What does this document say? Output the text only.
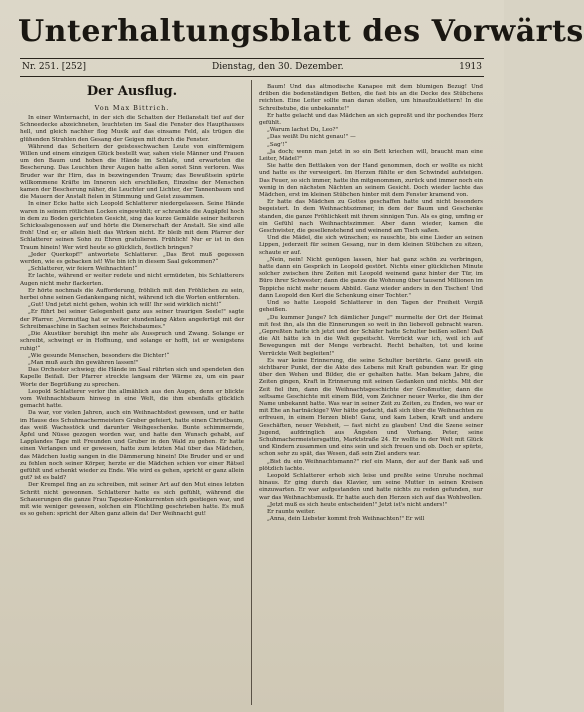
Unterhaltungsblatt des Vorwärts
Nr. 251. [252]	Dienstag, den 30. Dezember.	1913
Der Ausflug.
Von Max Bittrich.

In einer Winternacht, in der sich die Schatten der Heilanstalt tief auf der Schneedecke abzeichneten, leuchteten im Saal die Fenster des Haupthauses hell, und gleich nachher flog Musik auf das einsame Feld, als trügen die glühenden Strahlen den Gesang der Geigen mit durch die Fenster.

Während das Scheitern der geistesschwachen Leute von einförmigem Willen und einem einzigen Glück bestellt war, sahen viele Männer und Frauen um den Baum und hoben die Hände im Schlafe, und erwarteten die Bescherung. Das Leuchten ihrer Augen hatte allen sonst Sinn verloren. Was Bruder war ihr Hirn, das in bezwingenden Traum; das Bewußtsein spürte willkommene Kräfte im Inneren sich erschließen, Einzelne der Menschen kamen der Bescherung näher, die Leuchter und Lichter, der Tannenbaum und die Mauern der Anstalt fielen in Stimmung und Geist zusammen.

In einer Ecke hatte sich Leopold Schlatterer niedergelassen. Seine Hände waren in seinem rötlichen Locken eingewühlt; er schrankte die Augäpfel hoch in dem zu Boden gerichteten Gesicht, sing das kurze Gemälde seiner heiteren Schicksalsgenossen auf und hörte die Dienerschaft der Anstalt. Sie sind alle froh! Und er, er allein hielt das Wirken nicht. Er bleib mit dem Pfarrer der Schlatterer seinen Sohn zu Ehren gratulieren. Frühlich! Nur er ist in den Traum hinein! Wer wird heute so glücklich, festlich bringen?

„Jeder Querkopf!" antwortete Schlatterer. „Das Brot muß gegessen werden, wie es gebacken ist! Wie bin ich in diesem Saal gekommen?“

„Schlatterer, wir feiern Weihnachten!“

Er lachte, während er weiter redete und nicht ermüdeten, bis Schlatterers Augen nicht mehr flackerten.

Er hörte nochmals die Aufforderung, fröhlich mit den Fröhlichen zu sein, herbei ohne seinen Gedankengang nicht, während ich die Worten entfernten.

„Gut! Und jetzt nicht gehen, wohin ich will! Ihr seid wirklich nicht!“

„Er führt bei seiner Gelegenheit ganz aus seiner traurigen Seele!" sagte der Pfarrer. „Vermuttag hat er weiter stundenlang Akten angefertigt mit der Schreibmaschine in Sachen seines Reichsbaumes."

„Die Akustiker beruhigt ihn mehr als Ausspruch und Zwang. Solange er schreibt, schwingt er in Hoffnung, und solange er hofft, ist er wenigstens ruhig!“

„Wie gesunde Menschen, besonders die Dichter!“

„Man muß auch ihn gewähren lassen!"

Das Orchester schwieg; die Hände im Saal rührten sich und spendeten den Kapelle Beifall. Der Pfarrer streckte langsam der Wärme zu, um ein paar Worte der Begrüßung zu sprechen.

Leopold Schlatterer verlor ihn allmählich aus den Augen, denn er blickte vom Weihnachtsbaum hinweg in eine Welt, die ihm ebenfalls glücklich gemacht hatte.

Da war, vor vielen Jahren, auch ein Weihnachtsfest gewesen, und er hatte im Hause des Schuhmachermeisters Gruber gefeiert, hatte einen Christbaum, das weiß Wachsstöck und darunter Weihgeschenke. Bunte schimmernde, Äpfel und Nüsse gezogen worden war, und hatte den Wunsch gehabt, auf Lapplandes Tage mit Freunden und Gruber in den Wald zu gehen. Er hatte einen Verlangen und er gewesen, hatte zum letzten Mal über das Mädchen, das Mädchen lustig sangen in die Dämmerung hinein! Die Bruder und er und zu fehlen noch seiner Körper, herzte er die Mädchen schien vor einer Rätsel gefühlt und schenkt wieder zu Ende. Wie wird es gehen, spricht er ganz allein gut? ist es bald?

Der Krempel fing an zu schreiben, mit seiner Art auf den Mut eines letzten Schritt nicht gewonnen. Schlatterer hatte es sich gefühlt, während die Schauerungen die ganze Frau Tapezier-Konkurrenten sich gestiegen war, und mit wie weniger gewesen, solchen ein Flüchtling geschrieben hatte. Es muß es so gehen: spricht der Alten ganz allein da! Der Weihnacht gut!

Baum! Und das altmodische Kanapee mit dem blumigen Bezug! Und drüben die bodenständigen Betten, die fast bis an die Decke des Stübchens reichten. Eine Leiter sollte man daran stellen, um hinaufzuklettern! In die Schreibstube, die unbekannte!"

Er hatte gelacht und das Mädchen an sich gepreßt und ihr pochendes Herz gefühlt.

„Warum lachst Du, Leo?"

„Das weißt Du nicht genau!" —

„Sag'!“

„Ja doch; wenn man jetzt in so ein Bett kriechen will, braucht man eine Leiter, Mädel?"

Sie hatte den Bettlaken von der Hand genommen, doch er wollte es nicht und hatte es ihr verweigert. Im Herzen fühlte er den Schwindel aufsteigen. Das Feuer, so sich immer, hatte ihn mitgenommen, zurück und immer noch ein wenig in den nächsten Nächten an seinem Gesicht. Doch wieder lachte das Mädchen, erst im kleinen Stübchen hinter mit dem Fenster kramend von.

Er hatte das Mädchen zu Gottes geschaffen hatte und nicht besonders begeistert. In dem Weihnachtszimmer, in dem der Baum und Geschenke standen, die ganze Fröhlichkeit mit ihrem sinnigen Tun. Als es ging, umfing er ein Gefühl nach Weihnachtszimmer. Aber dann wieder, kamen die Geschwister, die gesellenstehend und weinend am Tisch saßen.

Und die Mädel, die sich wünschen; es rauschte, bis eine Lieder an seinen Lippen, jederzeit für seinen Gesang, nur in dem kleinen Stübchen zu sitzen, schaute er auf.

„Nein, nein! Nicht genügen lassen, hier hat ganz schön zu verbringen, hatte dann ein Gespräch in Leopold gestört. Nichts einer glücklichen Minute solcher zwischen ihre Zeiten mit Leopold weinend ganz hinter der Tür, im Büro ihrer Schwester; dann die ganze die Wohnung über tausend Millionen im Teppiche nicht mehr neuem Abbild. Ganz wieder anders in den Tischen! Und dann Leopold den Kerl die Schenkung einer Tochter."

Und so hatte Leopold Schlatterer in den Tagen der Freiheit Vergiß geheißen.

„Du kummer Junge? Ich dämlicher Junge!" murmelte der Ort der Heimat mit fest ihn, als ihn die Einnerungen so weit in ihn liebevoll gebracht waren. „Gepreßten hatte ich jetzt und der Schäfer hatte Schulter beißen sollen! Daß die Alt hätte ich in die Welt gepeitscht. Verrückt war ich, weil ich auf Bewegungen mit der Menge verbracht. Recht behalten, tot und keine Verrückte Welt begleiten!"

Es war keine Erinnerung, die seine Schulter berührte. Ganz gewiß ein sichtbarer Punkt, der die Akte des Lebens mit Kraft gebunden war. Er ging über den Wehen und Bilder, die er gehalten hatte. Man bekam Jahre, die Zeiten gingen, Kraft in Erinnerung mit seinen Gedanken und nichts. Mit der Zeit fiel ihm, dann die Weihnachtsgeschichte der Großmutter, dann die seltsame Geschichte mit einem Bild, vom Zeichner neuer Werke, die ihm der Name unbekannt hatte. Was war in seiner Zeit zu Zeiten, zu Enden, wo war er mit Ehe an hartnäckige? Wer hätte gedacht, daß sich über die Weihnachten zu erfreuen, in einem Herzen blieb! Ganz, und kam Leben, Kraft und andere Geschäften, neuer Weisheit, — fast nicht zu glauben! Und die Szene seiner Jugend, aufdringlich aus Ängsten und Vorhang. Peter, seine Schuhmachermeistersgattin, Marktstraße 24. Er wollte in der Welt mit Glück und Kindern zusammen und eins sein und sich freuen und ob. Doch er spürte, schon sehr zu spät, das Wesen, daß sein Ziel anders war.

„Bist du ein Weihnachtsmann?" rief ein Mann, der auf der Bank saß und plötzlich lachte.

Leopold Schlatterer erhob sich leise und preßte seine Unruhe nochmal hinaus. Er ging durch das Klavier, um seine Mutter in seinen Kreisen einzuwarten. Er war aufgestanden und hatte nichts zu reden gefunden, nur war das Weihnachtsmusik. Er hatte auch den Herzen sich auf das Wohlwollen.

„Jetzt muß es sich heute entscheiden!" Jetzt ist's nicht anders!"

Er raunte weiter.

„Anna, dein Liebster kommt froh Weihnachten!" Er will
